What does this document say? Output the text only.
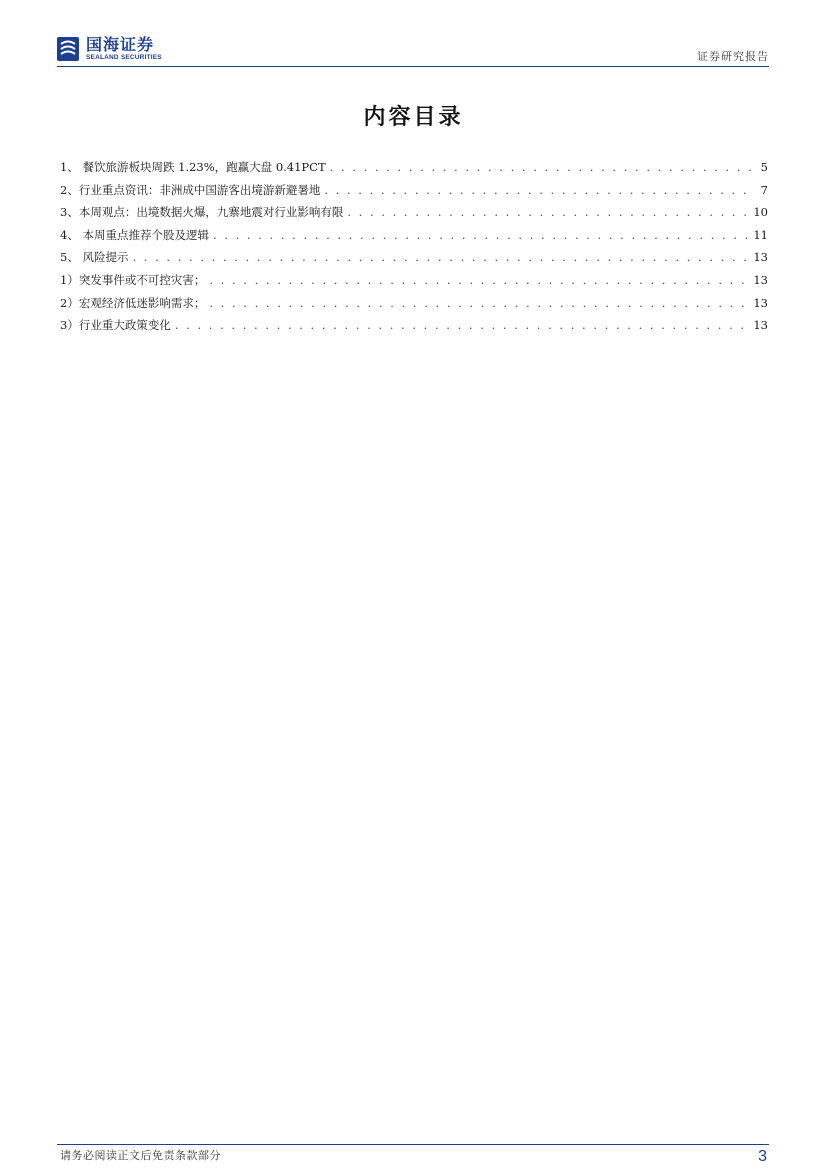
国海证券
SEALAND SECURITIES	证券研究报告
内容目录
1、 餐饮旅游板块周跌 1.23%，跑赢大盘 0.41PCT . . .	5
2、行业重点资讯：非洲成中国游客出境游新避暑地 . . .	7
3、本周观点：出境数据火爆，九寨地震对行业影响有限 . . .	10
4、 本周重点推荐个股及逻辑 . . .	11
5、 风险提示 . . .	13
1）突发事件或不可控灾害； . . .	13
2）宏观经济低迷影响需求； . . .	13
3）行业重大政策变化 . . .	13
请务必阅读正文后免责条款部分	3
